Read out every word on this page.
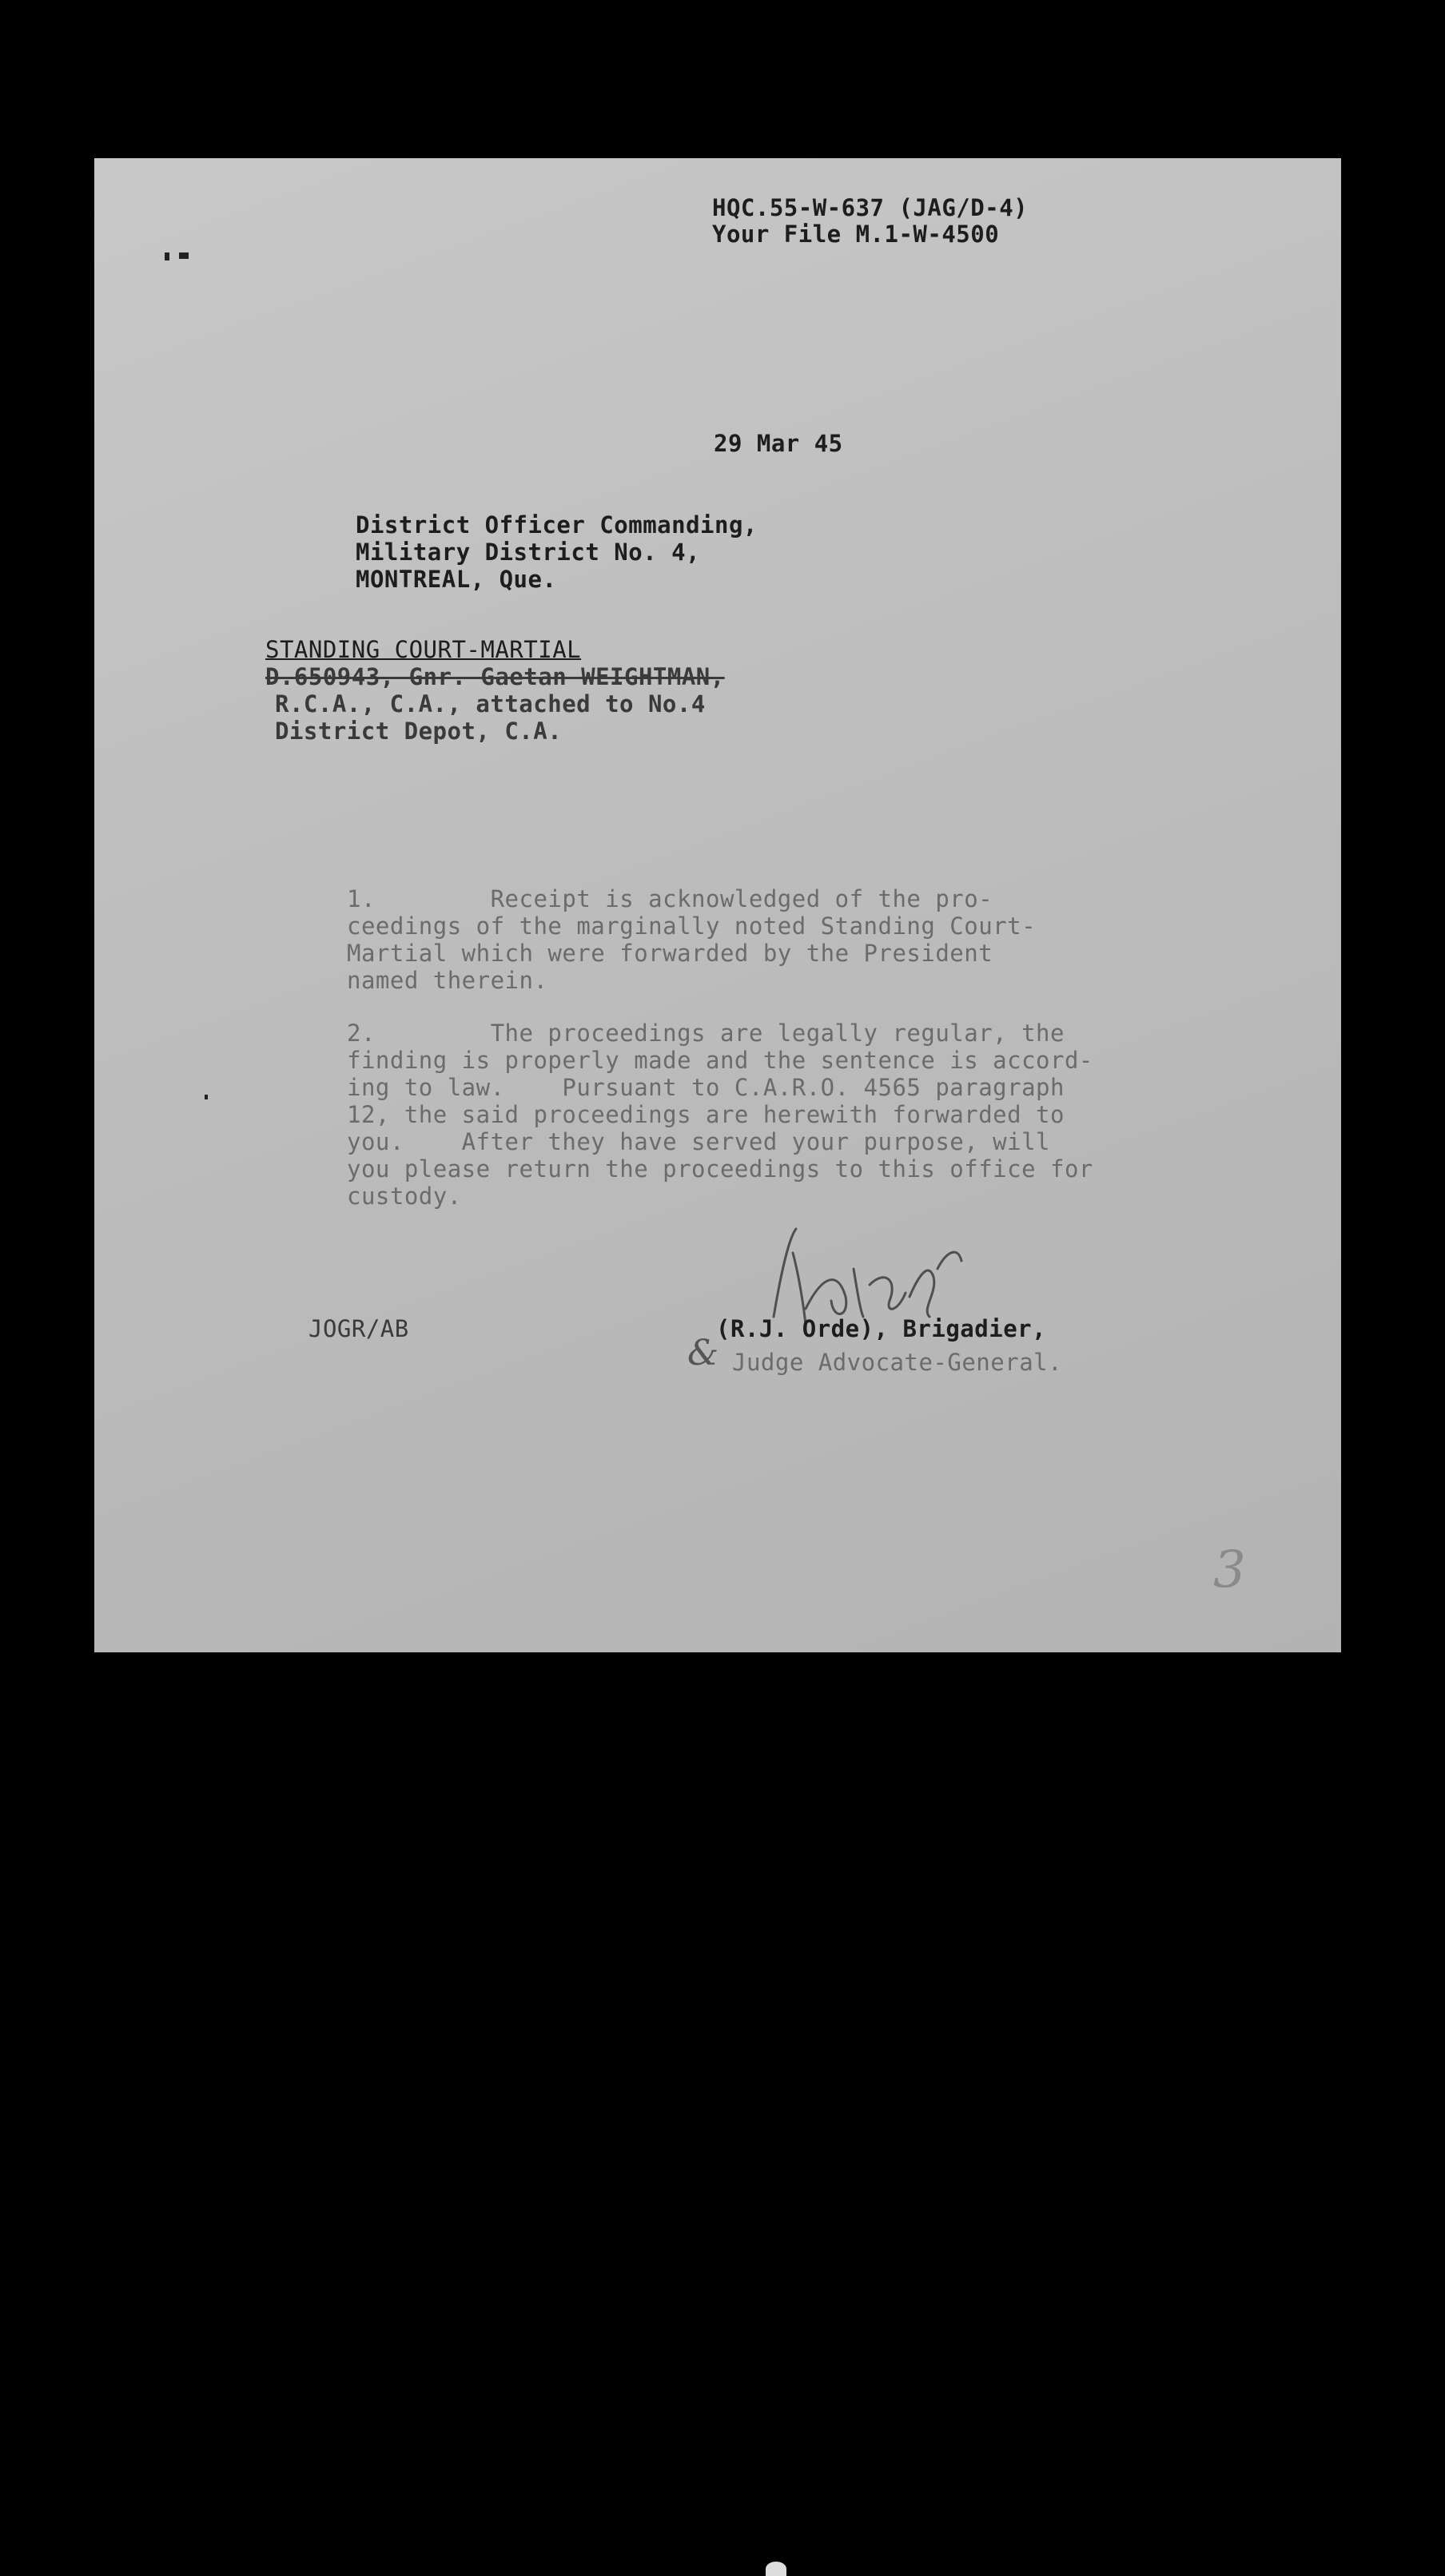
HQC.55-W-637 (JAG/D-4)
Your File M.1-W-4500
29 Mar 45
District Officer Commanding,
Military District No. 4,
MONTREAL, Que.
STANDING COURT-MARTIAL
D.650943, Gnr. Gaetan WEIGHTMAN,
R.C.A., C.A., attached to No.4
District Depot, C.A.
1.        Receipt is acknowledged of the pro-
ceedings of the marginally noted Standing Court-
Martial which were forwarded by the President
named therein.
2.        The proceedings are legally regular, the
finding is properly made and the sentence is accord-
ing to law.    Pursuant to C.A.R.O. 4565 paragraph
12, the said proceedings are herewith forwarded to
you.    After they have served your purpose, will
you please return the proceedings to this office for
custody.
JOGR/AB	(R.J. Orde), Brigadier,
& Judge Advocate-General.
3
